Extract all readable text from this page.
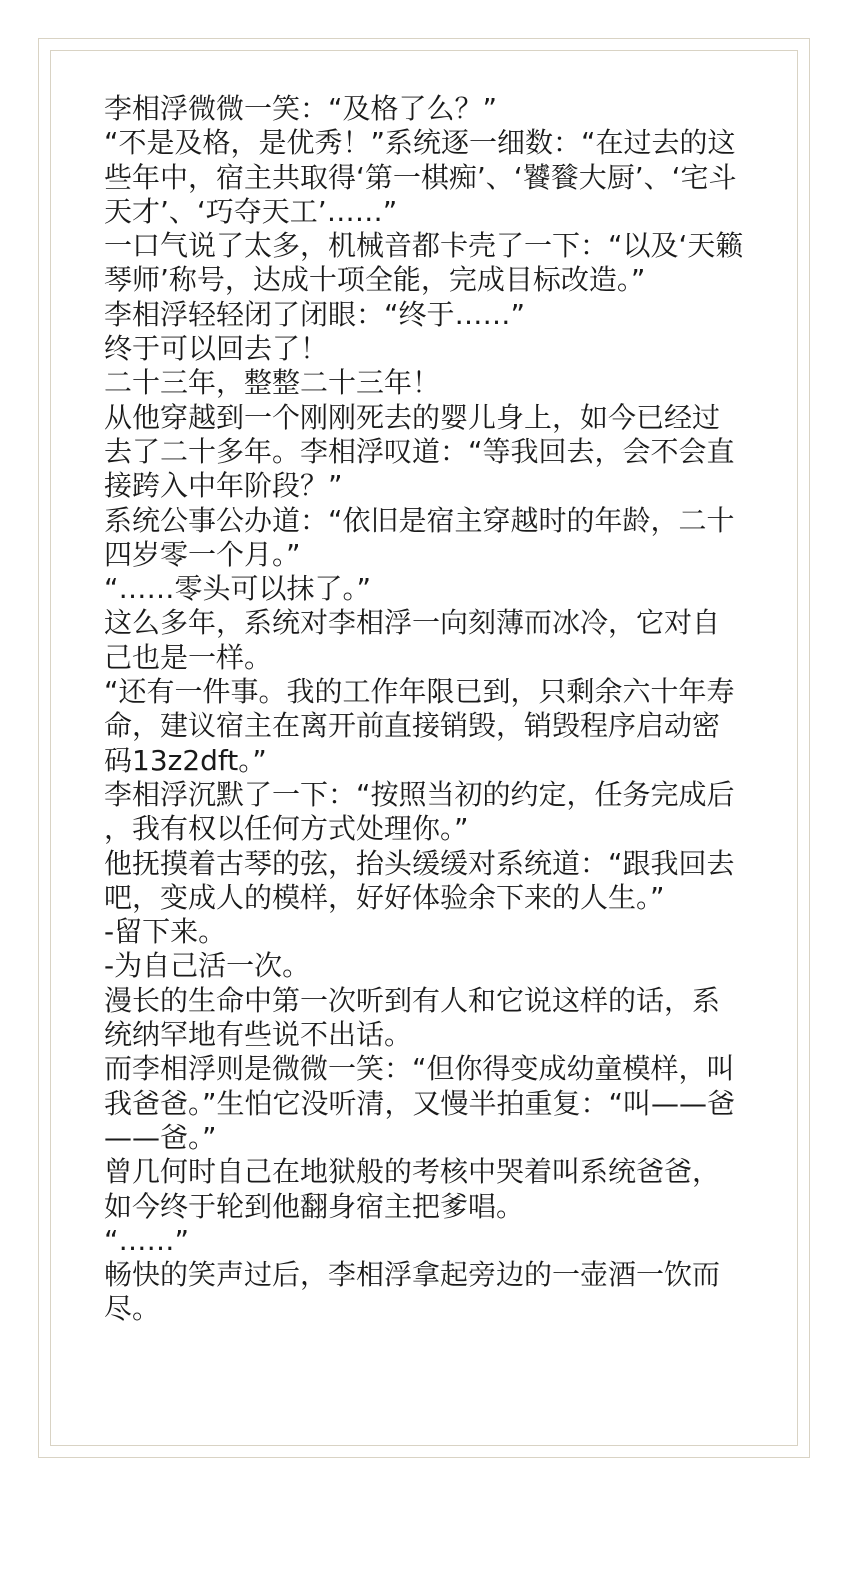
李相浮微微一笑：“及格了么？”

“不是及格，是优秀！”系统逐一细数：“在过去的这些年中，宿主共取得‘第一棋痴’、‘饕餮大厨’、‘宅斗天才’、‘巧夺天工’……”

一口气说了太多，机械音都卡壳了一下：“以及‘天籁琴师’称号，达成十项全能，完成目标改造。”

李相浮轻轻闭了闭眼：“终于……”

终于可以回去了！

二十三年，整整二十三年！

从他穿越到一个刚刚死去的婴儿身上，如今已经过去了二十多年。李相浮叹道：“等我回去，会不会直接跨入中年阶段？”

系统公事公办道：“依旧是宿主穿越时的年龄，二十四岁零一个月。”

“……零头可以抹了。”

这么多年，系统对李相浮一向刻薄而冰冷，它对自己也是一样。

“还有一件事。我的工作年限已到，只剩余六十年寿命，建议宿主在离开前直接销毁，销毁程序启动密码13z2dft。”

李相浮沉默了一下：“按照当初的约定，任务完成后，我有权以任何方式处理你。”

他抚摸着古琴的弦，抬头缓缓对系统道：“跟我回去吧，变成人的模样，好好体验余下来的人生。”

-留下来。

-为自己活一次。

漫长的生命中第一次听到有人和它说这样的话，系统纳罕地有些说不出话。

而李相浮则是微微一笑：“但你得变成幼童模样，叫我爸爸。”生怕它没听清，又慢半拍重复：“叫——爸——爸。”

曾几何时自己在地狱般的考核中哭着叫系统爸爸，如今终于轮到他翻身宿主把爹唱。

“……”

畅快的笑声过后，李相浮拿起旁边的一壶酒一饮而尽。
